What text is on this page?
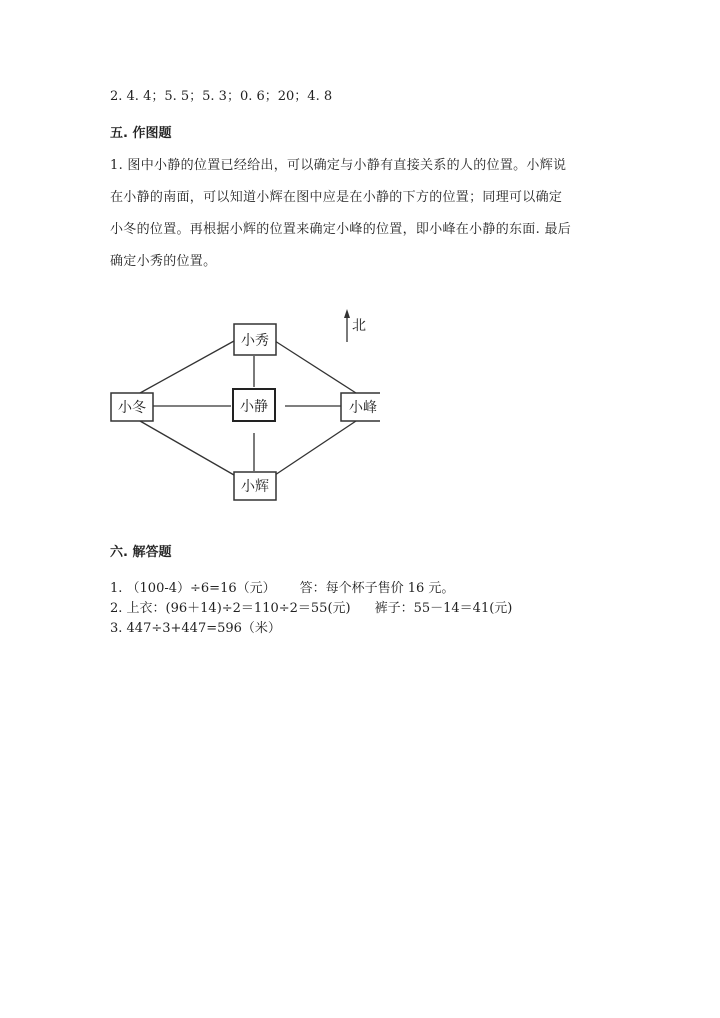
2. 4. 4；5. 5；5. 3；0. 6；20；4. 8
五. 作图题
1. 图中小静的位置已经给出，可以确定与小静有直接关系的人的位置。小辉说
在小静的南面，可以知道小辉在图中应是在小静的下方的位置；同理可以确定
小冬的位置。再根据小辉的位置来确定小峰的位置，即小峰在小静的东面. 最后
确定小秀的位置。
北
小秀
小冬	小静	小峰
小辉
六. 解答题
1. （100-4）÷6=16（元） 答：每个杯子售价 16 元。
2. 上衣：(96＋14)÷2＝110÷2＝55(元) 裤子：55－14＝41(元)
3. 447÷3+447=596（米）
